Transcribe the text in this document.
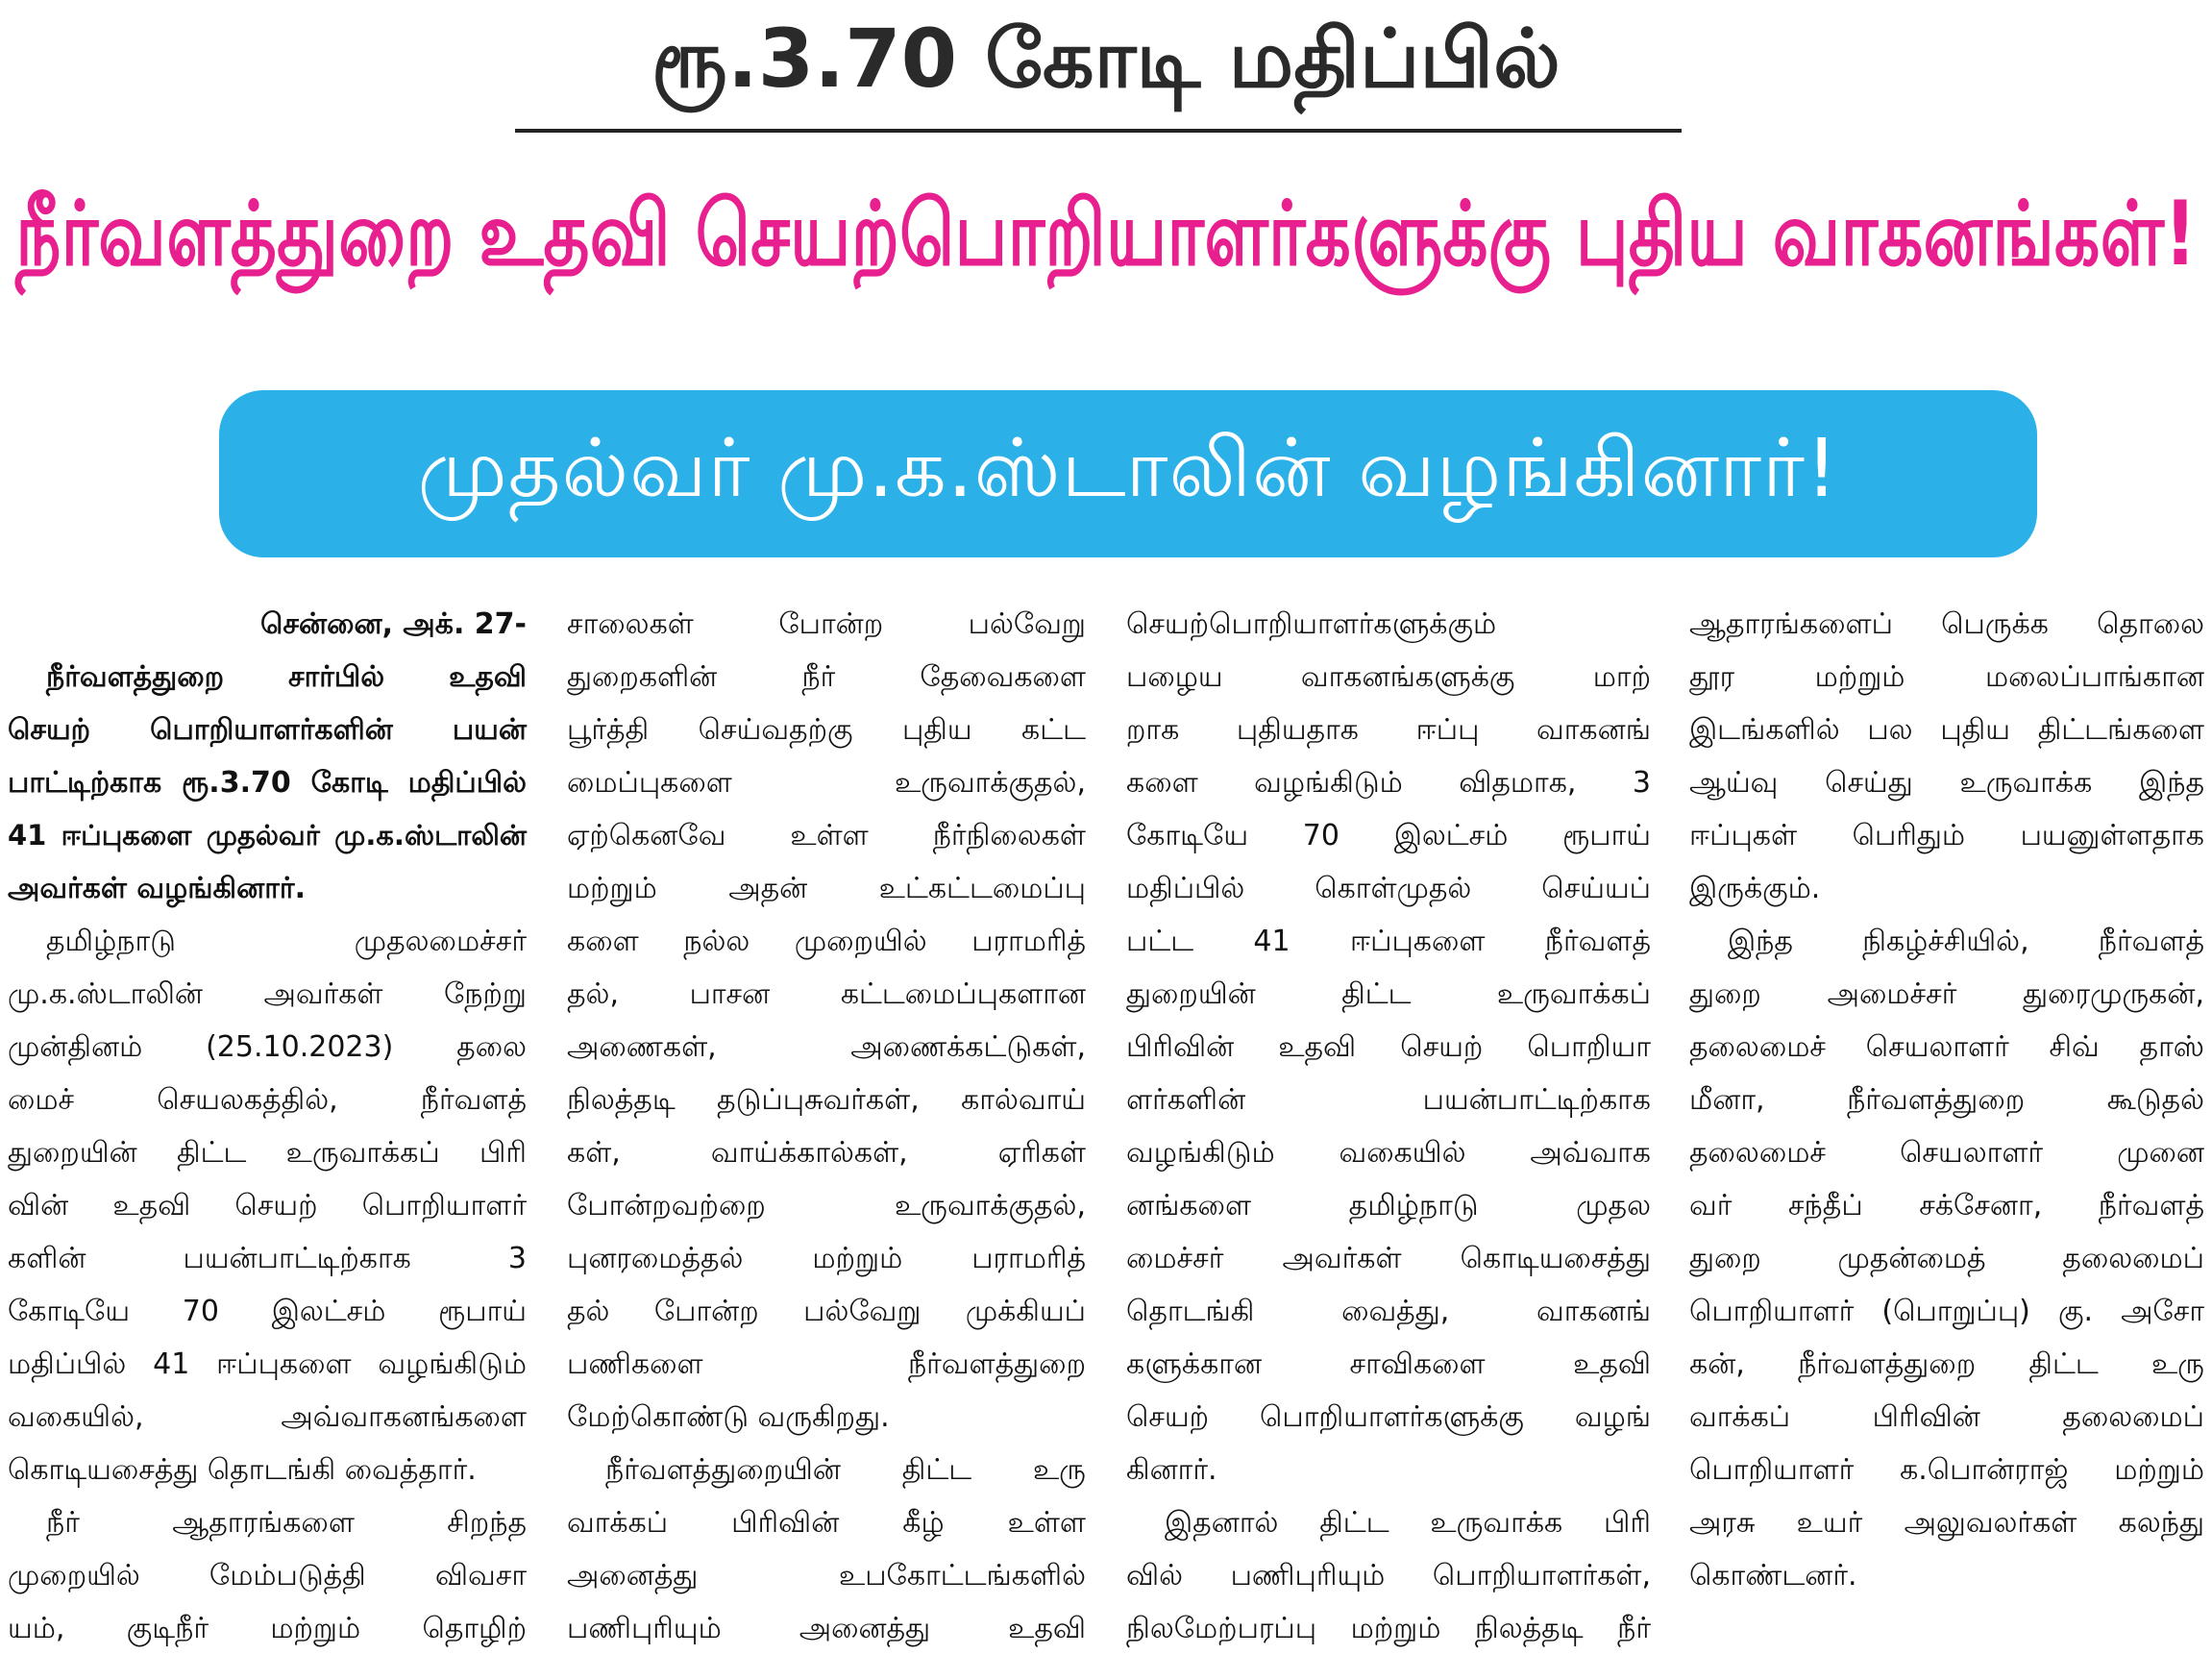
ரூ.3.70 கோடி மதிப்பில்
நீர்வளத்துறை உதவி செயற்பொறியாளர்களுக்கு புதிய வாகனங்கள்!
முதல்வர் மு.க.ஸ்டாலின் வழங்கினார்!
சென்னை, அக். 27-
நீர்வளத்துறை சார்பில் உதவி
செயற் பொறியாளர்களின் பயன்
பாட்டிற்காக ரூ.3.70 கோடி மதிப்பில்
41 ஈப்புகளை முதல்வர் மு.க.ஸ்டாலின்
அவர்கள் வழங்கினார்.
தமிழ்நாடு முதலமைச்சர்
மு.க.ஸ்டாலின் அவர்கள் நேற்று
முன்தினம் (25.10.2023) தலை
மைச் செயலகத்தில், நீர்வளத்
துறையின் திட்ட உருவாக்கப் பிரி
வின் உதவி செயற் பொறியாளர்
களின் பயன்பாட்டிற்காக 3
கோடியே 70 இலட்சம் ரூபாய்
மதிப்பில் 41 ஈப்புகளை வழங்கிடும்
வகையில், அவ்வாகனங்களை
கொடியசைத்து தொடங்கி வைத்தார்.
நீர் ஆதாரங்களை சிறந்த
முறையில் மேம்படுத்தி விவசா
யம், குடிநீர் மற்றும் தொழிற்
சாலைகள் போன்ற பல்வேறு
துறைகளின் நீர் தேவைகளை
பூர்த்தி செய்வதற்கு புதிய கட்ட
மைப்புகளை உருவாக்குதல்,
ஏற்கெனவே உள்ள நீர்நிலைகள்
மற்றும் அதன் உட்கட்டமைப்பு
களை நல்ல முறையில் பராமரித்
தல், பாசன கட்டமைப்புகளான
அணைகள், அணைக்கட்டுகள்,
நிலத்தடி தடுப்புசுவர்கள், கால்வாய்
கள், வாய்க்கால்கள், ஏரிகள்
போன்றவற்றை உருவாக்குதல்,
புனரமைத்தல் மற்றும் பராமரித்
தல் போன்ற பல்வேறு முக்கியப்
பணிகளை நீர்வளத்துறை
மேற்கொண்டு வருகிறது.
நீர்வளத்துறையின் திட்ட உரு
வாக்கப் பிரிவின் கீழ் உள்ள
அனைத்து உபகோட்டங்களில்
பணிபுரியும் அனைத்து உதவி
செயற்பொறியாளர்களுக்கும்
பழைய வாகனங்களுக்கு மாற்
றாக புதியதாக ஈப்பு வாகனங்
களை வழங்கிடும் விதமாக, 3
கோடியே 70 இலட்சம் ரூபாய்
மதிப்பில் கொள்முதல் செய்யப்
பட்ட 41 ஈப்புகளை நீர்வளத்
துறையின் திட்ட உருவாக்கப்
பிரிவின் உதவி செயற் பொறியா
ளர்களின் பயன்பாட்டிற்காக
வழங்கிடும் வகையில் அவ்வாக
னங்களை தமிழ்நாடு முதல
மைச்சர் அவர்கள் கொடியசைத்து
தொடங்கி வைத்து, வாகனங்
களுக்கான சாவிகளை உதவி
செயற் பொறியாளர்களுக்கு வழங்
கினார்.
இதனால் திட்ட உருவாக்க பிரி
வில் பணிபுரியும் பொறியாளர்கள்,
நிலமேற்பரப்பு மற்றும் நிலத்தடி நீர்
ஆதாரங்களைப் பெருக்க தொலை
தூர மற்றும் மலைப்பாங்கான
இடங்களில் பல புதிய திட்டங்களை
ஆய்வு செய்து உருவாக்க இந்த
ஈப்புகள் பெரிதும் பயனுள்ளதாக
இருக்கும்.
இந்த நிகழ்ச்சியில், நீர்வளத்
துறை அமைச்சர் துரைமுருகன்,
தலைமைச் செயலாளர் சிவ் தாஸ்
மீனா, நீர்வளத்துறை கூடுதல்
தலைமைச் செயலாளர் முனை
வர் சந்தீப் சக்சேனா, நீர்வளத்
துறை முதன்மைத் தலைமைப்
பொறியாளர் (பொறுப்பு) கு. அசோ
கன், நீர்வளத்துறை திட்ட உரு
வாக்கப் பிரிவின் தலைமைப்
பொறியாளர் க.பொன்ராஜ் மற்றும்
அரசு உயர் அலுவலர்கள் கலந்து
கொண்டனர்.
